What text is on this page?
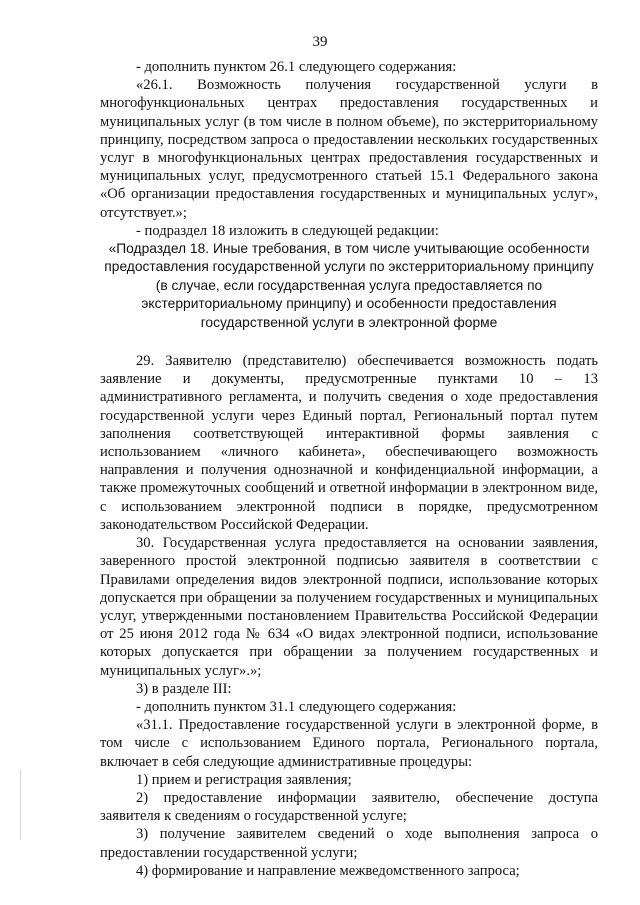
39

- дополнить пунктом 26.1 следующего содержания:

«26.1. Возможность получения государственной услуги в многофункциональных центрах предоставления государственных и муниципальных услуг (в том числе в полном объеме), по экстерриториальному принципу, посредством запроса о предоставлении нескольких государственных услуг в многофункциональных центрах предоставления государственных и муниципальных услуг, предусмотренного статьей 15.1 Федерального закона «Об организации предоставления государственных и муниципальных услуг», отсутствует.»;

- подраздел 18 изложить в следующей редакции:

«Подраздел 18. Иные требования, в том числе учитывающие особенности предоставления государственной услуги по экстерриториальному принципу (в случае, если государственная услуга предоставляется по экстерриториальному принципу) и особенности предоставления государственной услуги в электронной форме

29. Заявителю (представителю) обеспечивается возможность подать заявление и документы, предусмотренные пунктами 10 – 13 административного регламента, и получить сведения о ходе предоставления государственной услуги через Единый портал, Региональный портал путем заполнения соответствующей интерактивной формы заявления с использованием «личного кабинета», обеспечивающего возможность направления и получения однозначной и конфиденциальной информации, а также промежуточных сообщений и ответной информации в электронном виде, с использованием электронной подписи в порядке, предусмотренном законодательством Российской Федерации.

30. Государственная услуга предоставляется на основании заявления, заверенного простой электронной подписью заявителя в соответствии с Правилами определения видов электронной подписи, использование которых допускается при обращении за получением государственных и муниципальных услуг, утвержденными постановлением Правительства Российской Федерации от 25 июня 2012 года № 634 «О видах электронной подписи, использование которых допускается при обращении за получением государственных и муниципальных услуг».»;

3) в разделе III:

- дополнить пунктом 31.1 следующего содержания:

«31.1. Предоставление государственной услуги в электронной форме, в том числе с использованием Единого портала, Регионального портала, включает в себя следующие административные процедуры:

1) прием и регистрация заявления;

2) предоставление информации заявителю, обеспечение доступа заявителя к сведениям о государственной услуге;

3) получение заявителем сведений о ходе выполнения запроса о предоставлении государственной услуги;

4) формирование и направление межведомственного запроса;
